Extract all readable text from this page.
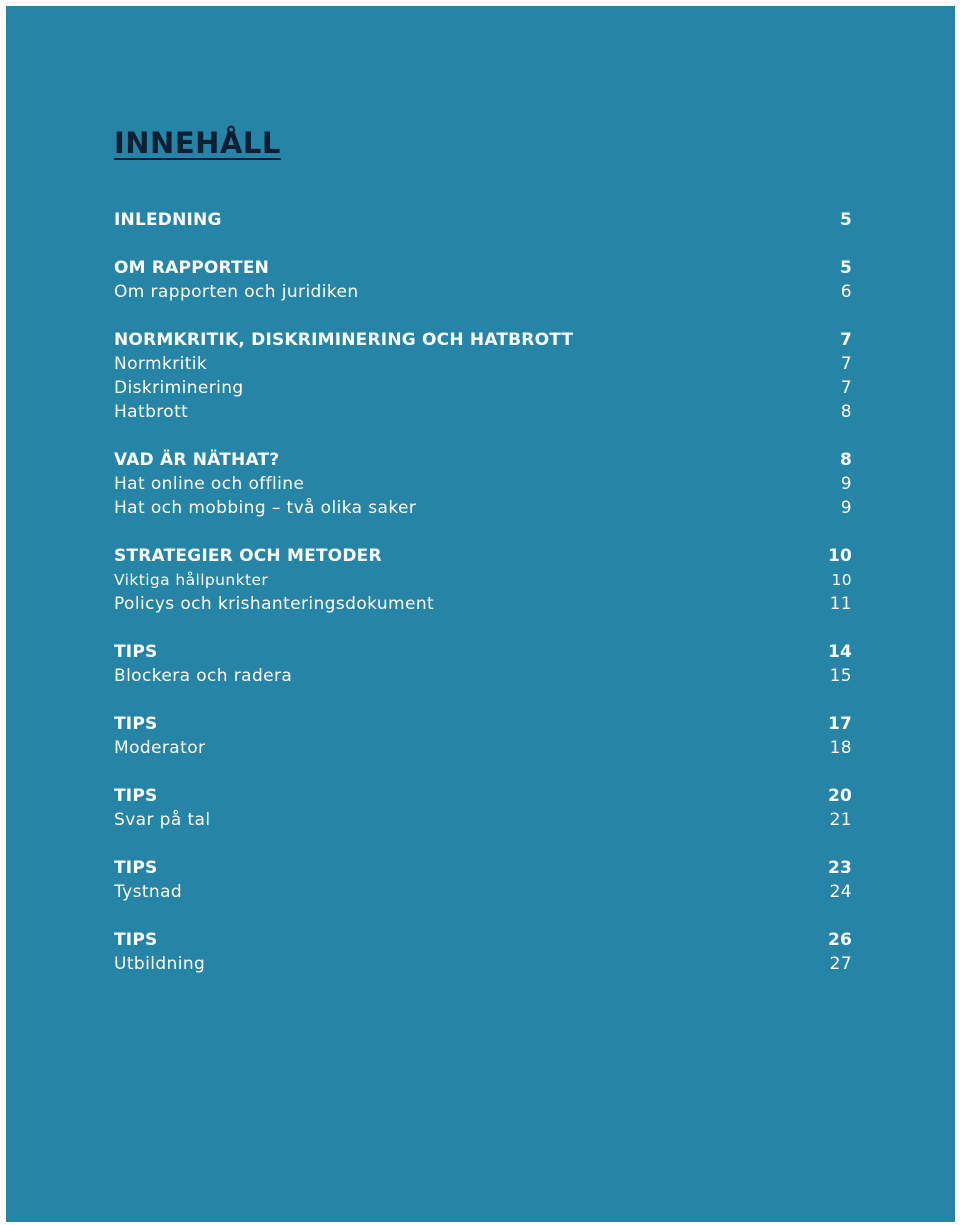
INNEHÅLL
INLEDNING	5
OM RAPPORTEN	5
Om rapporten och juridiken	6
NORMKRITIK, DISKRIMINERING OCH HATBROTT	7
Normkritik	7
Diskriminering	7
Hatbrott	8
VAD ÄR NÄTHAT?	8
Hat online och offline	9
Hat och mobbing – två olika saker	9
STRATEGIER OCH METODER	10
Viktiga hållpunkter	10
Policys och krishanteringsdokument	11
TIPS	14
Blockera och radera	15
TIPS	17
Moderator	18
TIPS	20
Svar på tal	21
TIPS	23
Tystnad	24
TIPS	26
Utbildning	27
